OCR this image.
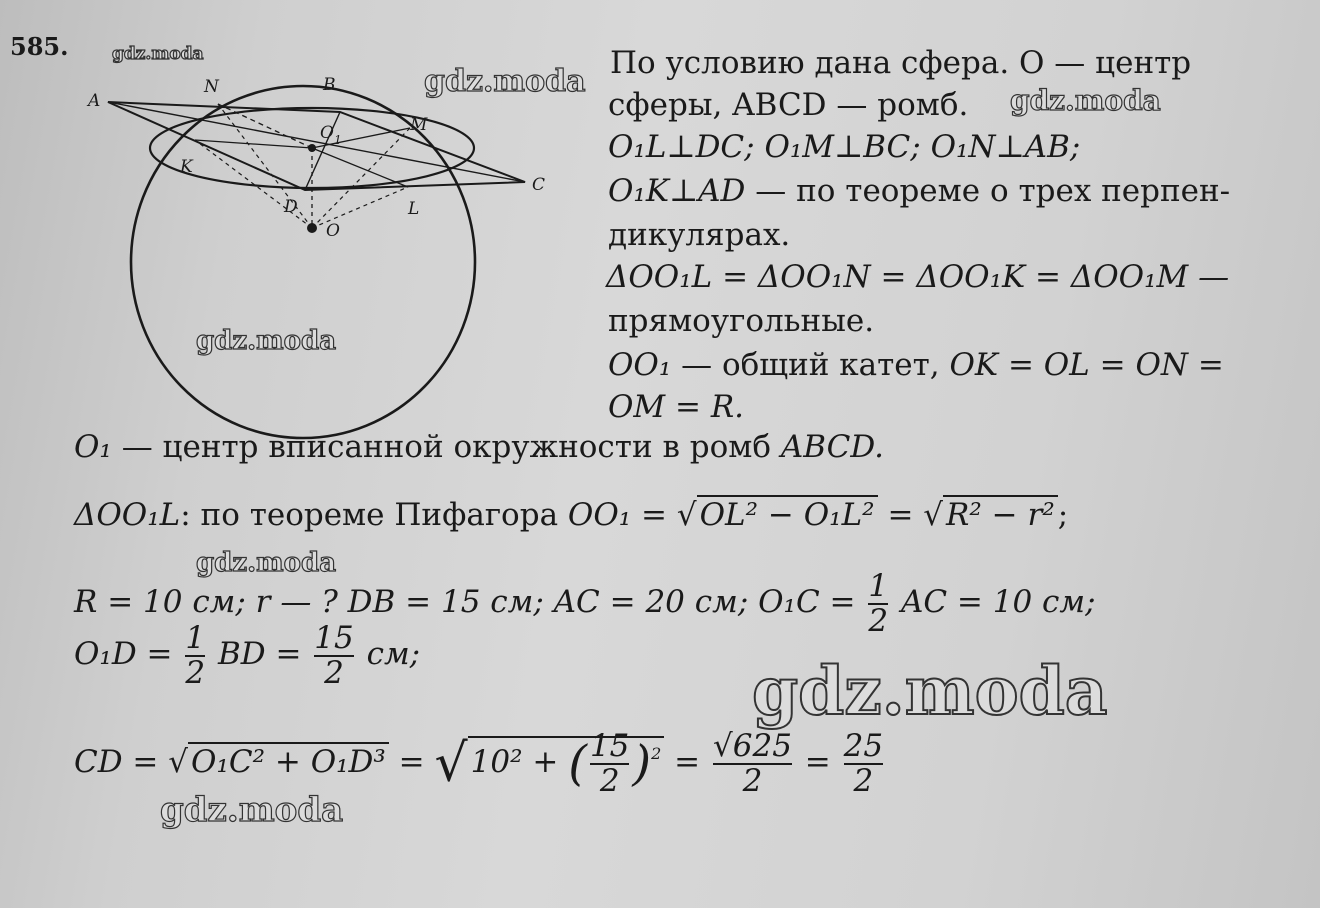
585.
A
N	B
M
K
C
D	L
O 1
O
По условию дана сфера. O — центр
сферы, ABCD — ромб.
O₁L⊥DC; O₁M⊥BC; O₁N⊥AB;
O₁K⊥AD — по теореме о трех перпен-
дикулярах.
ΔOO₁L = ΔOO₁N = ΔOO₁K = ΔOO₁M —
прямоугольные.
OO₁ — общий катет, OK = OL = ON =
OM = R.
O₁ — центр вписанной окружности в ромб ABCD.
ΔOO₁L: по теореме Пифагора OO₁ = √OL² − O₁L² = √R² − r²;
R = 10 см; r — ? DB = 15 см; AC = 20 см; $O_1C = \frac{1}{2}$ AC = 10 см;
$O_1D = \frac{1}{2}$ BD = $\frac{15}{2}$ см;
CD = √O₁C² + O₁D³ = √10² + ( $\frac{15}{2} )^2 = \frac{√625}{2} = \frac{25}{2}$
gdz.moda
gdz.moda
gdz.moda
gdz.moda
gdz.moda
gdz.moda
gdz.moda
